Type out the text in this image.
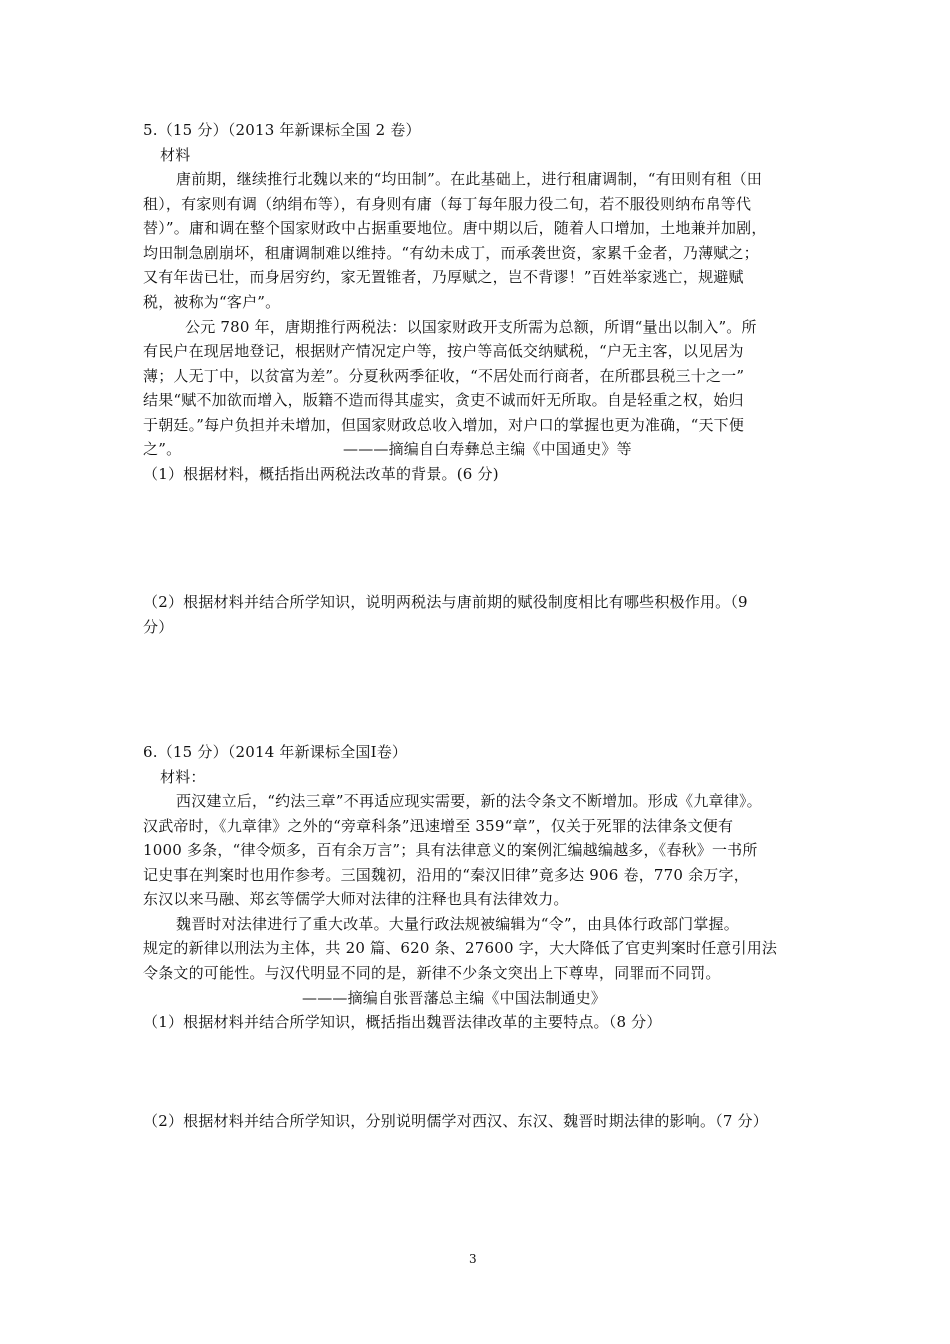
5.（15 分）（2013 年新课标全国 2 卷）
材料
唐前期，继续推行北魏以来的“均田制”。在此基础上，进行租庸调制，“有田则有租（田
租），有家则有调（纳绢布等），有身则有庸（每丁每年服力役二旬，若不服役则纳布帛等代
替）”。庸和调在整个国家财政中占据重要地位。唐中期以后，随着人口增加，土地兼并加剧，
均田制急剧崩坏，租庸调制难以维持。“有幼未成丁，而承袭世资，家累千金者，乃薄赋之；
又有年齿已壮，而身居穷约，家无置锥者，乃厚赋之，岂不背谬！”百姓举家逃亡，规避赋
税，被称为“客户”。
公元 780 年，唐期推行两税法：以国家财政开支所需为总额，所谓“量出以制入”。所
有民户在现居地登记，根据财产情况定户等，按户等高低交纳赋税，“户无主客，以见居为
薄；人无丁中，以贫富为差”。分夏秋两季征收，“不居处而行商者，在所郡县税三十之一”
结果“赋不加欲而增入，版籍不造而得其虚实，贪吏不诚而奸无所取。自是轻重之权，始归
于朝廷。”每户负担并未增加，但国家财政总收入增加，对户口的掌握也更为准确，“天下便
之”。	———摘编自白寿彝总主编《中国通史》等
（1）根据材料，概括指出两税法改革的背景。(6 分)
（2）根据材料并结合所学知识，说明两税法与唐前期的赋役制度相比有哪些积极作用。（9
分）
6.（15 分）（2014 年新课标全国Ⅰ卷）
材料：
西汉建立后，“约法三章”不再适应现实需要，新的法令条文不断增加。形成《九章律》。
汉武帝时，《九章律》之外的“旁章科条”迅速增至 359“章”，仅关于死罪的法律条文便有
1000 多条，“律令烦多，百有余万言”；具有法律意义的案例汇编越编越多，《春秋》一书所
记史事在判案时也用作参考。三国魏初，沿用的“秦汉旧律”竟多达 906 卷，770 余万字，
东汉以来马融、郑玄等儒学大师对法律的注释也具有法律效力。
魏晋时对法律进行了重大改革。大量行政法规被编辑为“令”，由具体行政部门掌握。
规定的新律以刑法为主体，共 20 篇、620 条、27600 字，大大降低了官吏判案时任意引用法
令条文的可能性。与汉代明显不同的是，新律不少条文突出上下尊卑，同罪而不同罚。
———摘编自张晋藩总主编《中国法制通史》
（1）根据材料并结合所学知识，概括指出魏晋法律改革的主要特点。（8 分）
（2）根据材料并结合所学知识，分别说明儒学对西汉、东汉、魏晋时期法律的影响。（7 分）
3
